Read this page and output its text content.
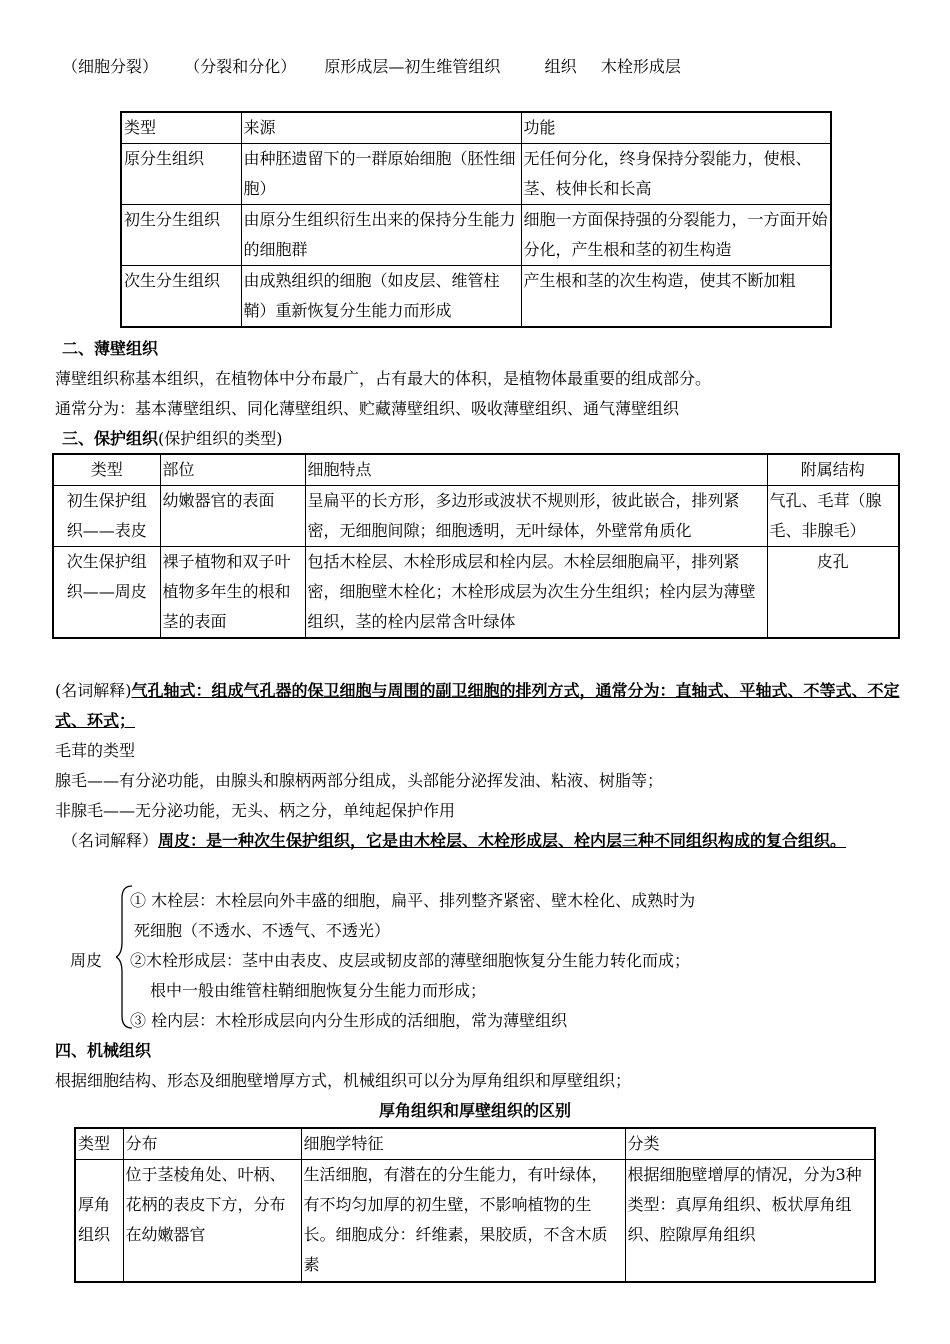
（细胞分裂） （分裂和分化） 原形成层—初生维管组织	组织 木栓形成层
类型	来源	功能
原分生组织	由种胚遗留下的一群原始细胞（胚性细胞）	无任何分化，终身保持分裂能力，使根、茎、枝伸长和长高
初生分生组织	由原分生组织衍生出来的保持分生能力的细胞群	细胞一方面保持强的分裂能力，一方面开始分化，产生根和茎的初生构造
次生分生组织	由成熟组织的细胞（如皮层、维管柱鞘）重新恢复分生能力而形成	产生根和茎的次生构造，使其不断加粗
二、薄壁组织
薄壁组织称基本组织，在植物体中分布最广，占有最大的体积，是植物体最重要的组成部分。
通常分为：基本薄壁组织、同化薄壁组织、贮藏薄壁组织、吸收薄壁组织、通气薄壁组织
三、保护组织(保护组织的类型)
类型	部位	细胞特点	附属结构
初生保护组织——表皮	幼嫩器官的表面	呈扁平的长方形，多边形或波状不规则形，彼此嵌合，排列紧密，无细胞间隙；细胞透明，无叶绿体，外壁常角质化	气孔、毛茸（腺毛、非腺毛）
次生保护组织——周皮	裸子植物和双子叶植物多年生的根和茎的表面	包括木栓层、木栓形成层和栓内层。木栓层细胞扁平，排列紧密，细胞壁木栓化；木栓形成层为次生分生组织；栓内层为薄壁组织，茎的栓内层常含叶绿体	皮孔
(名词解释)气孔轴式：组成气孔器的保卫细胞与周围的副卫细胞的排列方式，通常分为：直轴式、平轴式、不等式、不定式、环式；
毛茸的类型
腺毛——有分泌功能，由腺头和腺柄两部分组成，头部能分泌挥发油、粘液、树脂等；
非腺毛——无分泌功能，无头、柄之分，单纯起保护作用
（名词解释）周皮：是一种次生保护组织，它是由木栓层、木栓形成层、栓内层三种不同组织构成的复合组织。
周皮
① 木栓层：木栓层向外丰盛的细胞，扁平、排列整齐紧密、壁木栓化、成熟时为
死细胞（不透水、不透气、不透光）
②木栓形成层：茎中由表皮、皮层或韧皮部的薄壁细胞恢复分生能力转化而成；
根中一般由维管柱鞘细胞恢复分生能力而形成；
③ 栓内层：木栓形成层向内分生形成的活细胞，常为薄壁组织
四、机械组织
根据细胞结构、形态及细胞壁增厚方式，机械组织可以分为厚角组织和厚壁组织；
厚角组织和厚壁组织的区别
类型	分布	细胞学特征	分类
厚角组织	位于茎棱角处、叶柄、花柄的表皮下方，分布在幼嫩器官	生活细胞，有潜在的分生能力，有叶绿体，有不均匀加厚的初生壁，不影响植物的生长。细胞成分：纤维素，果胶质，不含木质素	根据细胞壁增厚的情况，分为3种类型：真厚角组织、板状厚角组织、腔隙厚角组织
